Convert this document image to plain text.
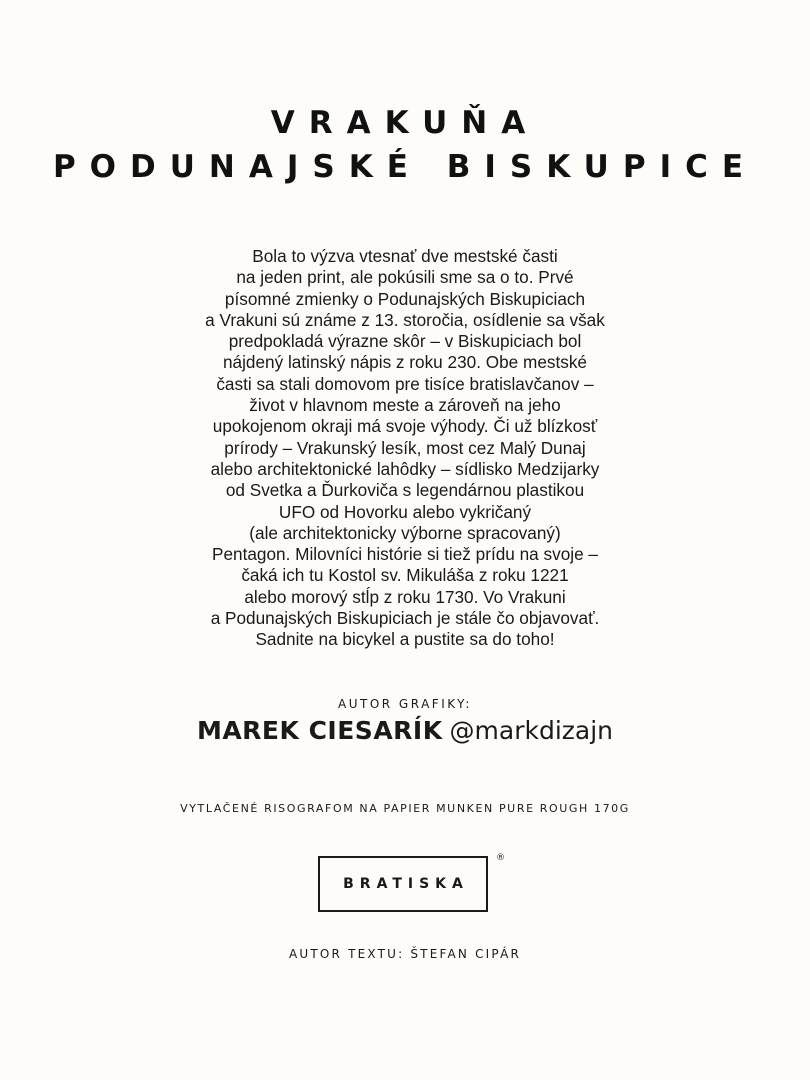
VRAKUŇA
PODUNAJSKÉ BISKUPICE
Bola to výzva vtesnať dve mestské časti
na jeden print, ale pokúsili sme sa o to. Prvé
písomné zmienky o Podunajských Biskupiciach
a Vrakuni sú známe z 13. storočia, osídlenie sa však
predpokladá výrazne skôr – v Biskupiciach bol
nájdený latinský nápis z roku 230. Obe mestské
časti sa stali domovom pre tisíce bratislavčanov –
život v hlavnom meste a zároveň na jeho
upokojenom okraji má svoje výhody. Či už blízkosť
prírody – Vrakunský lesík, most cez Malý Dunaj
alebo architektonické lahôdky – sídlisko Medzijarky
od Svetka a Ďurkoviča s legendárnou plastikou
UFO od Hovorku alebo vykričaný
(ale architektonicky výborne spracovaný)
Pentagon. Milovníci histórie si tiež prídu na svoje –
čaká ich tu Kostol sv. Mikuláša z roku 1221
alebo morový stĺp z roku 1730. Vo Vrakuni
a Podunajských Biskupiciach je stále čo objavovať.
Sadnite na bicykel a pustite sa do toho!
AUTOR GRAFIKY:
MAREK CIESARÍK @markdizajn
VYTLAČENÉ RISOGRAFOM NA PAPIER MUNKEN PURE ROUGH 170G
BRATISKA
®
AUTOR TEXTU: ŠTEFAN CIPÁR
